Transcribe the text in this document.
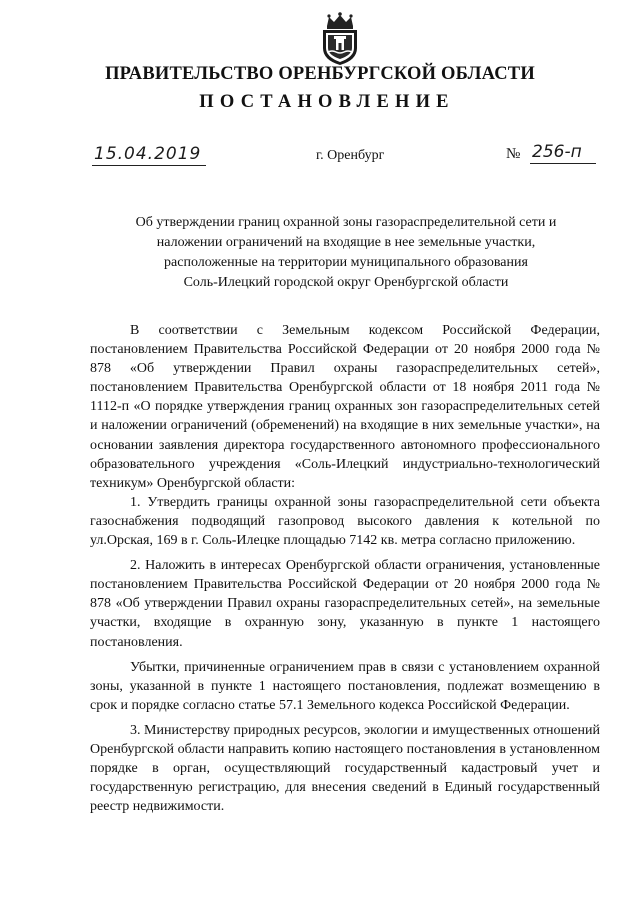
ПРАВИТЕЛЬСТВО ОРЕНБУРГСКОЙ ОБЛАСТИ
ПОСТАНОВЛЕНИЕ
15.04.2019	г. Оренбург	№ 256-п
Об утверждении границ охранной зоны газораспределительной сети и
наложении ограничений на входящие в нее земельные участки,
расположенные на территории муниципального образования
Соль-Илецкий городской округ Оренбургской области

В соответствии с Земельным кодексом Российской Федерации, постановлением Правительства Российской Федерации от 20 ноября 2000 года № 878 «Об утверждении Правил охраны газораспределительных сетей», постановлением Правительства Оренбургской области от 18 ноября 2011 года № 1112-п «О порядке утверждения границ охранных зон газораспределительных сетей и наложении ограничений (обременений) на входящие в них земельные участки», на основании заявления директора государственного автономного профессионального образовательного учреждения «Соль-Илецкий индустриально-технологический техникум» Оренбургской области:

1. Утвердить границы охранной зоны газораспределительной сети объекта газоснабжения подводящий газопровод высокого давления к котельной по ул.Орская, 169 в г. Соль-Илецке площадью 7142 кв. метра согласно приложению.

2. Наложить в интересах Оренбургской области ограничения, установленные постановлением Правительства Российской Федерации от 20 ноября 2000 года № 878 «Об утверждении Правил охраны газораспределительных сетей», на земельные участки, входящие в охранную зону, указанную в пункте 1 настоящего постановления.

Убытки, причиненные ограничением прав в связи с установлением охранной зоны, указанной в пункте 1 настоящего постановления, подлежат возмещению в срок и порядке согласно статье 57.1 Земельного кодекса Российской Федерации.

3. Министерству природных ресурсов, экологии и имущественных отношений Оренбургской области направить копию настоящего постановления в установленном порядке в орган, осуществляющий государственный кадастровый учет и государственную регистрацию, для внесения сведений в Единый государственный реестр недвижимости.
